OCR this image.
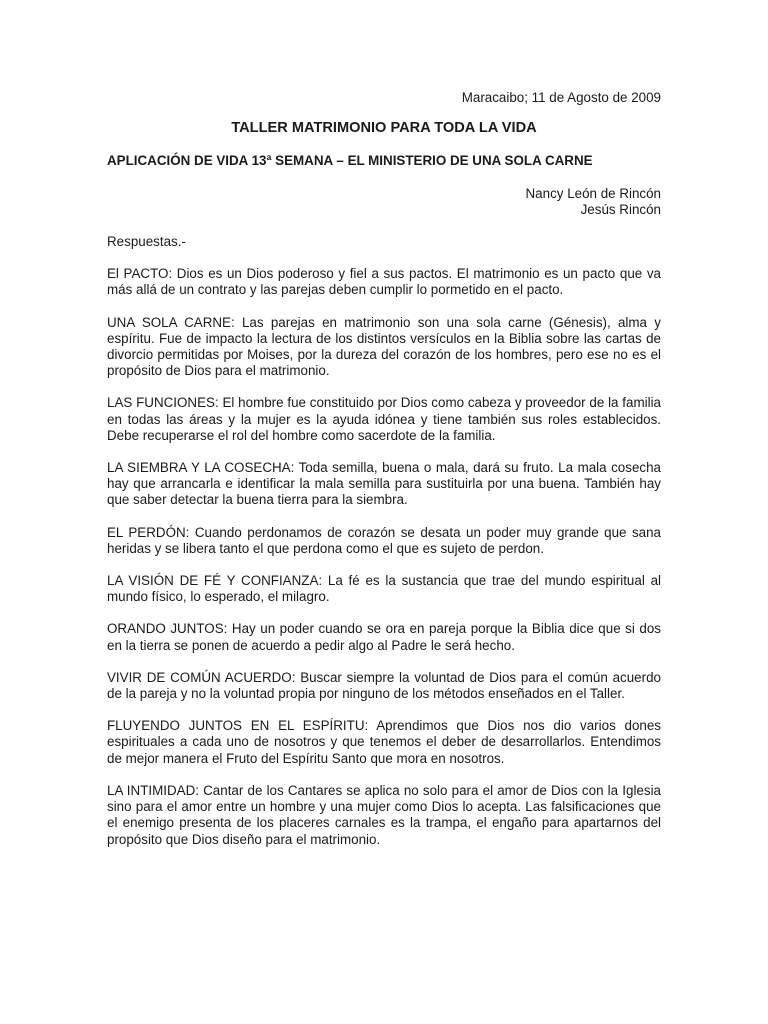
Maracaibo; 11 de Agosto de 2009

TALLER MATRIMONIO PARA TODA LA VIDA

APLICACIÓN DE VIDA 13ª SEMANA – EL MINISTERIO DE UNA SOLA CARNE

Nancy León de Rincón
Jesús Rincón

Respuestas.-

El PACTO: Dios es un Dios poderoso y fiel a sus pactos. El matrimonio es un pacto que va más allá de un contrato y las parejas deben cumplir lo pormetido en el pacto.

UNA SOLA CARNE: Las parejas en matrimonio son una sola carne (Génesis), alma y espíritu. Fue de impacto la lectura de los distintos versículos en la Biblia sobre las cartas de divorcio permitidas por Moises, por la dureza del corazón de los hombres, pero ese no es el propósito de Dios para el matrimonio.

LAS FUNCIONES: El hombre fue constituido por Dios como cabeza y proveedor de la familia en todas las áreas y la mujer es la ayuda idónea y tiene también sus roles establecidos. Debe recuperarse el rol del hombre como sacerdote de la familia.

LA SIEMBRA Y LA COSECHA: Toda semilla, buena o mala, dará su fruto. La mala cosecha hay que arrancarla e identificar la mala semilla para sustituirla por una buena. También hay que saber detectar la buena tierra para la siembra.

EL PERDÓN: Cuando perdonamos de corazón se desata un poder muy grande que sana heridas y se libera tanto el que perdona como el que es sujeto de perdon.

LA VISIÓN DE FÉ Y CONFIANZA: La fé es la sustancia que trae del mundo espiritual al mundo físico, lo esperado, el milagro.

ORANDO JUNTOS: Hay un poder cuando se ora en pareja porque la Biblia dice que si dos en la tierra se ponen de acuerdo a pedir algo al Padre le será hecho.

VIVIR DE COMÚN ACUERDO: Buscar siempre la voluntad de Dios para el común acuerdo de la pareja y no la voluntad propia por ninguno de los métodos enseñados en el Taller.

FLUYENDO JUNTOS EN EL ESPÍRITU: Aprendimos que Dios nos dio varios dones espirituales a cada uno de nosotros y que tenemos el deber de desarrollarlos. Entendimos de mejor manera el Fruto del Espíritu Santo que mora en nosotros.

LA INTIMIDAD: Cantar de los Cantares se aplica no solo para el amor de Dios con la Iglesia sino para el amor entre un hombre y una mujer como Dios lo acepta. Las falsificaciones que el enemigo presenta de los placeres carnales es la trampa, el engaño para apartarnos del propósito que Dios diseño para el matrimonio.
